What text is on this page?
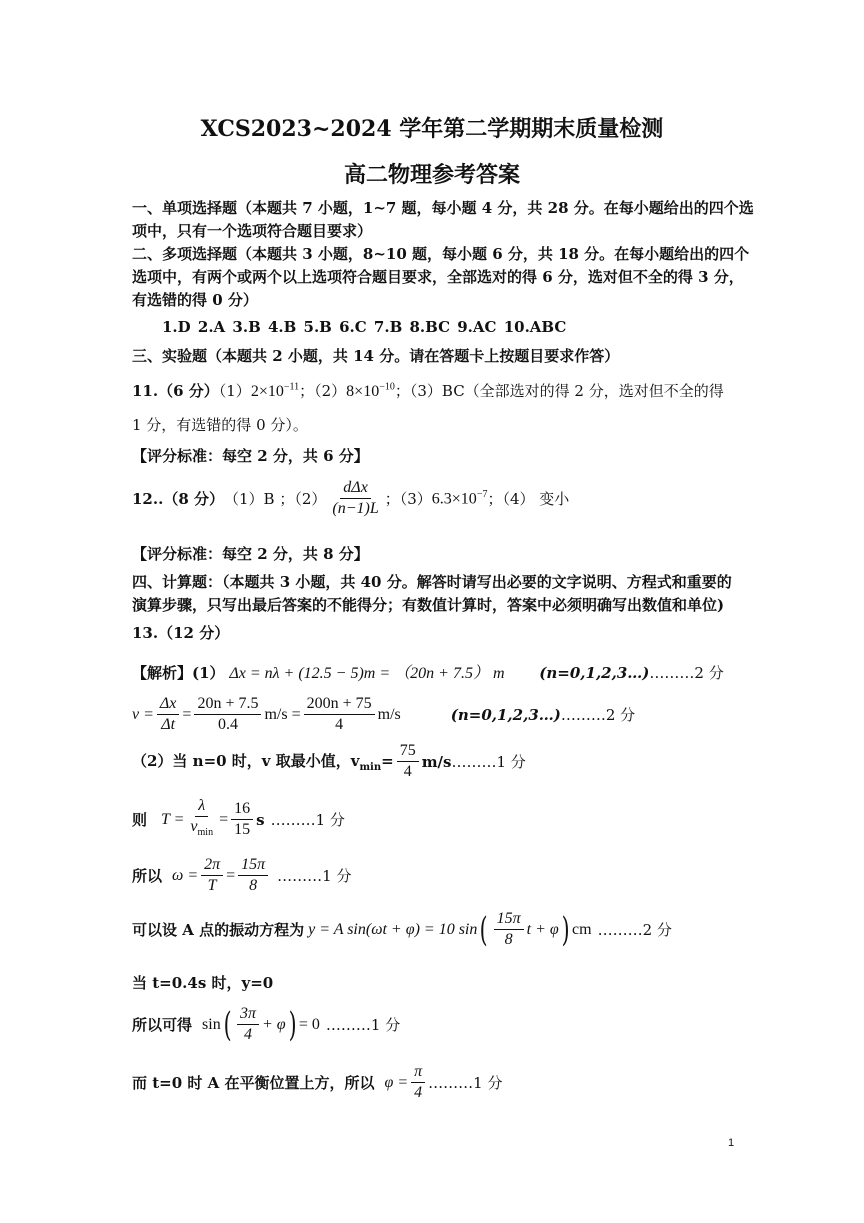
XCS2023~2024 学年第二学期期末质量检测
高二物理参考答案
一、单项选择题（本题共 7 小题，1~7 题，每小题 4 分，共 28 分。在每小题给出的四个选
项中，只有一个选项符合题目要求）
二、多项选择题（本题共 3 小题，8~10 题，每小题 6 分，共 18 分。在每小题给出的四个
选项中，有两个或两个以上选项符合题目要求，全部选对的得 6 分，选对但不全的得 3 分，
有选错的得 0 分）
1.D 2.A 3.B 4.B 5.B 6.C 7.B 8.BC 9.AC 10.ABC
三、实验题（本题共 2 小题，共 14 分。请在答题卡上按题目要求作答）
11.（6 分）$(1)2\times 10^{-11}$；$(2)8\times 10^{-10}$；（3）BC（全部选对的得 2 分，选对但不全的得
1 分，有选错的得 0 分）。
【评分标准：每空 2 分，共 6 分】
12..（8 分） （1）B ；$(2) \frac{\text{dΔx}}{(n-1)L}$ ；（3） $6.3\times 10^{-7}$ ；（4） 变小
【评分标准：每空 2 分，共 8 分】
四、计算题：（本题共 3 小题，共 40 分。解答时请写出必要的文字说明、方程式和重要的
演算步骤，只写出最后答案的不能得分；有数值计算时，答案中必须明确写出数值和单位)
13.（12 分）
【解析】(1） Δx = nλ + (12.5 − 5)m = （20n + 7.5） m (n=0,1,2,3…)………2 分
$v = \frac{\Delta x}{\Delta t} = \frac{20n + 7.5}{0.4} m/s = \frac{200n + 75}{4} m/s$	(n=0,1,2,3…) ………2 分
（2）当 n=0 时，v 取最小值，$v_{min}= \frac{75}{4} m/s$ ………1 分
则 $T = \frac{\lambda}{v_{min}} = \frac{16}{15}$ s ………1 分
所以 $\omega = \frac{2\pi}{T} = \frac{15\pi}{8}$ ………1 分
可以设 A 点的振动方程为 y = A sin(ωt + φ) = 10 sin ( $\frac{15\pi}{8}$ t + φ ) cm ………2 分
当 t=0.4s 时，y=0
所以可得 sin ( $\frac{3\pi}{4} + \varphi$ ) = 0 ………1 分
而 t=0 时 A 在平衡位置上方，所以 $\varphi = \frac{\pi}{4}$ ………1 分
1
